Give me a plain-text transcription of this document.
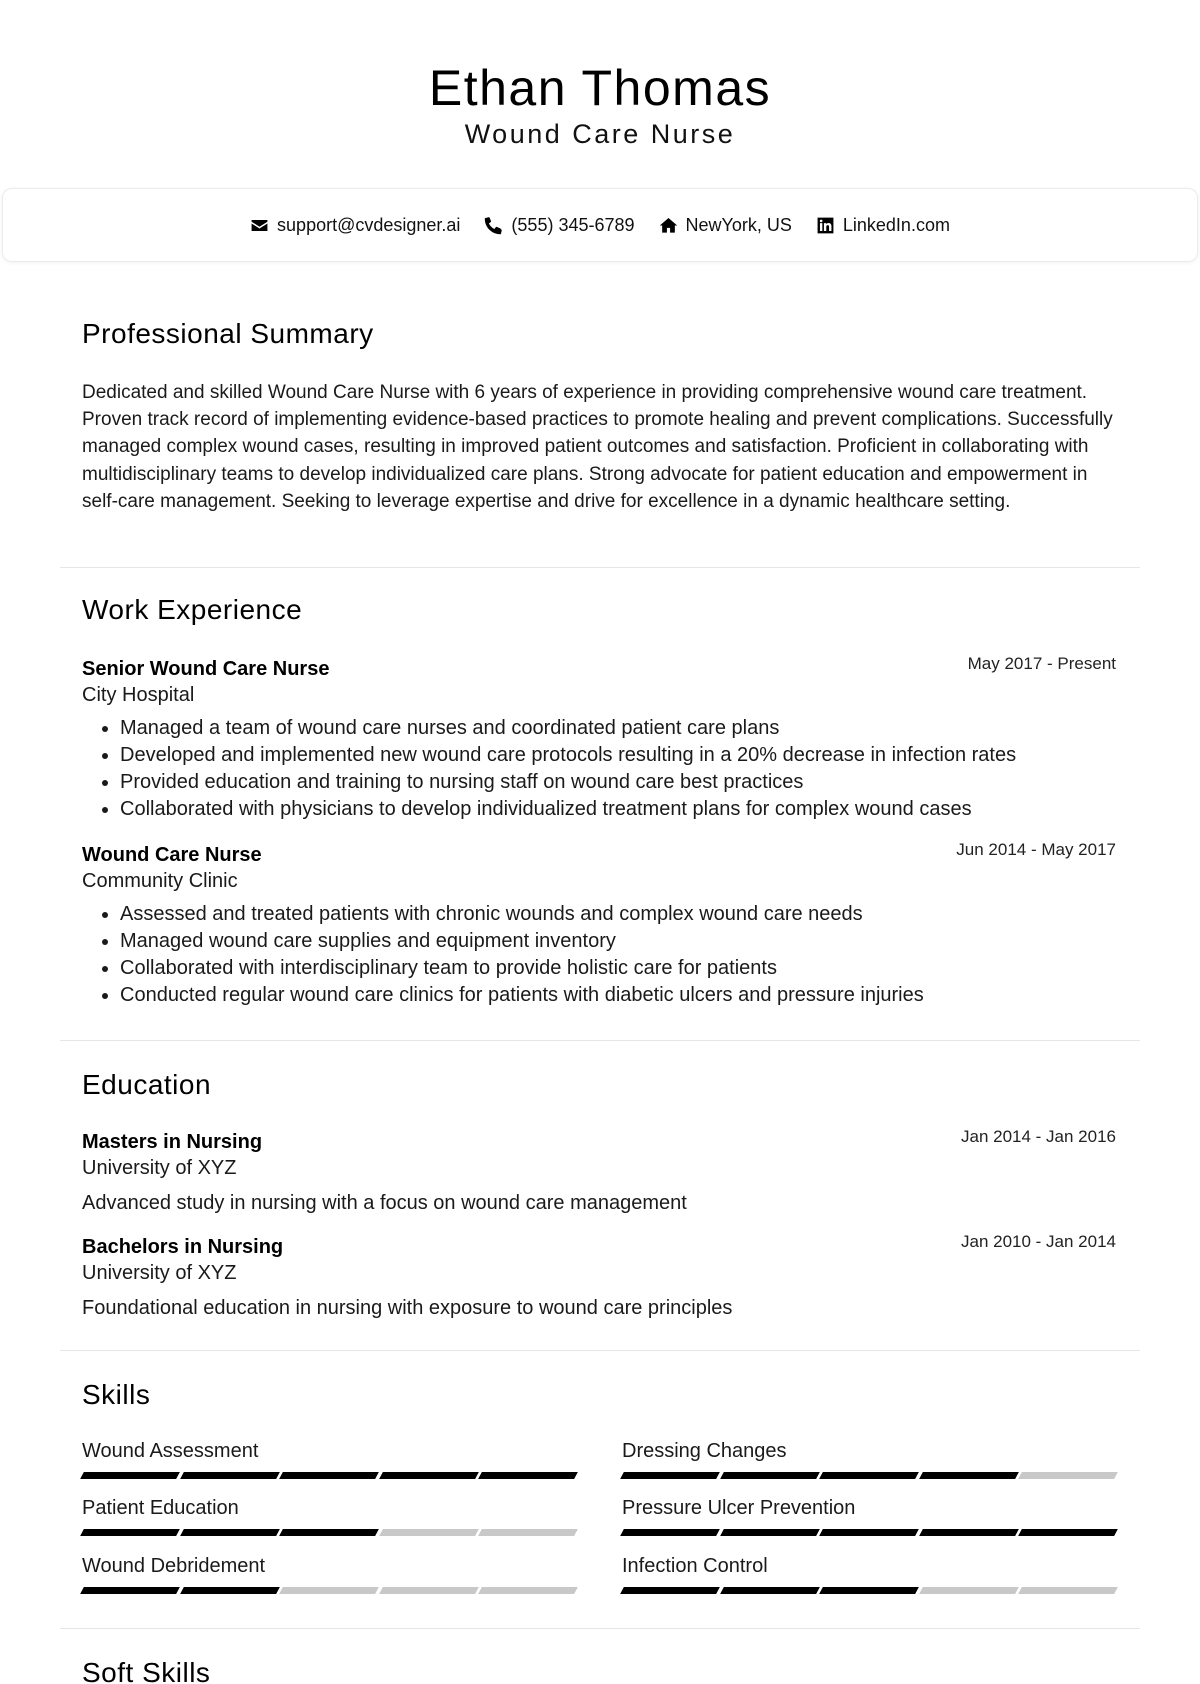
Ethan Thomas
Wound Care Nurse
support@cvdesigner.ai	(555) 345-6789	NewYork, US	LinkedIn.com
Professional Summary
Dedicated and skilled Wound Care Nurse with 6 years of experience in providing comprehensive wound care treatment. Proven track record of implementing evidence-based practices to promote healing and prevent complications. Successfully managed complex wound cases, resulting in improved patient outcomes and satisfaction. Proficient in collaborating with multidisciplinary teams to develop individualized care plans. Strong advocate for patient education and empowerment in self-care management. Seeking to leverage expertise and drive for excellence in a dynamic healthcare setting.
Work Experience
Senior Wound Care Nurse	May 2017 - Present
City Hospital
• Managed a team of wound care nurses and coordinated patient care plans
• Developed and implemented new wound care protocols resulting in a 20% decrease in infection rates
• Provided education and training to nursing staff on wound care best practices
• Collaborated with physicians to develop individualized treatment plans for complex wound cases
Wound Care Nurse	Jun 2014 - May 2017
Community Clinic
• Assessed and treated patients with chronic wounds and complex wound care needs
• Managed wound care supplies and equipment inventory
• Collaborated with interdisciplinary team to provide holistic care for patients
• Conducted regular wound care clinics for patients with diabetic ulcers and pressure injuries
Education
Masters in Nursing	Jan 2014 - Jan 2016
University of XYZ
Advanced study in nursing with a focus on wound care management
Bachelors in Nursing	Jan 2010 - Jan 2014
University of XYZ
Foundational education in nursing with exposure to wound care principles
Skills
Wound Assessment	Dressing Changes
Patient Education	Pressure Ulcer Prevention
Wound Debridement	Infection Control
Soft Skills
